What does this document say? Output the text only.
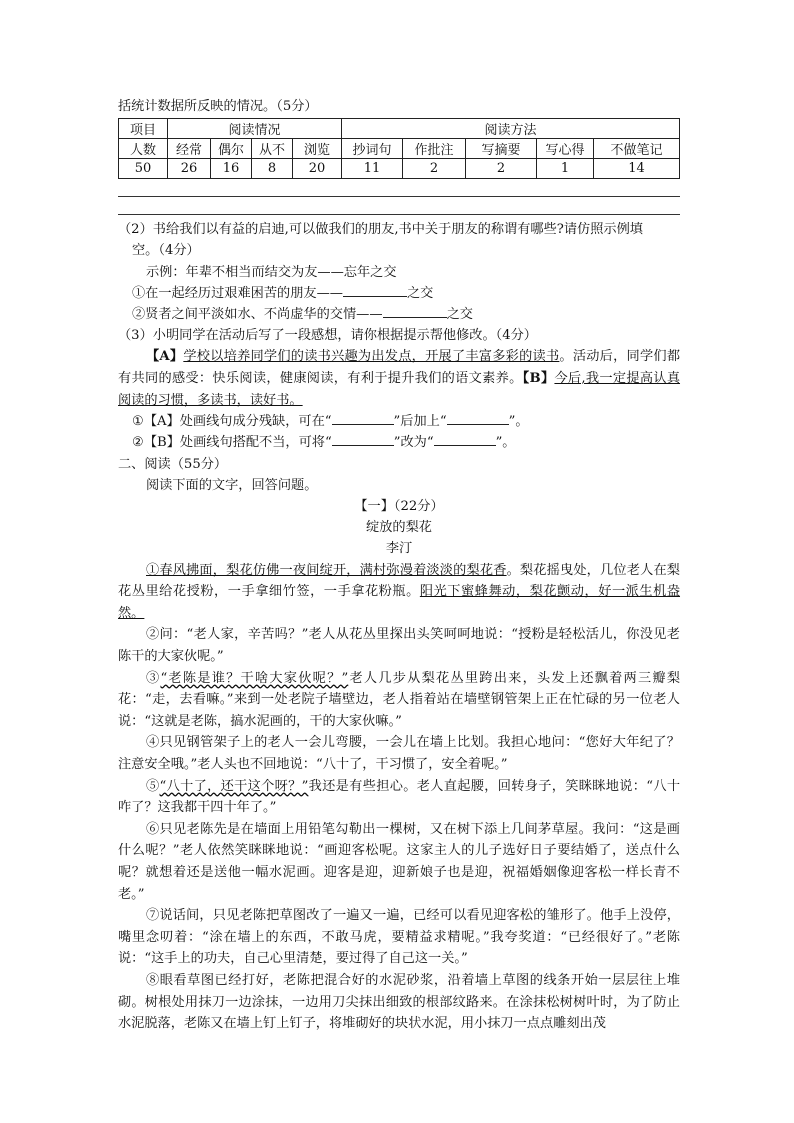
括统计数据所反映的情况。（5分）
项目	阅读情况				阅读方法				
人数	经常	偶尔	从不	浏览	抄词句	作批注	写摘要	写心得	不做笔记
50	26	16	8	20	11	2	2	1	14
（2）书给我们以有益的启迪,可以做我们的朋友,书中关于朋友的称谓有哪些?请仿照示例填
空。（4分）
示例：年辈不相当而结交为友——忘年之交
①在一起经历过艰难困苦的朋友——	之交
②贤者之间平淡如水、不尚虚华的交情——	之交
（3）小明同学在活动后写了一段感想，请你根据提示帮他修改。（4分）
【A】学校以培养同学们的读书兴趣为出发点，开展了丰富多彩的读书。活动后，同学们都有共同的感受：快乐阅读，健康阅读，有利于提升我们的语文素养。【B】今后,我一定提高认真阅读的习惯，多读书，读好书。
①【A】处画线句成分残缺，可在“	”后加上“	”。
②【B】处画线句搭配不当，可将“	”改为“	”。
二、阅读（55分）
阅读下面的文字，回答问题。
【一】（22分）
绽放的梨花
李汀
①春风拂面，梨花仿佛一夜间绽开，满村弥漫着淡淡的梨花香。梨花摇曳处，几位老人在梨花丛里给花授粉，一手拿细竹签，一手拿花粉瓶。阳光下蜜蜂舞动，梨花颤动，好一派生机盎然。
②问：“老人家，辛苦吗？”老人从花丛里探出头笑呵呵地说：“授粉是轻松活儿，你没见老陈干的大家伙呢。”
③“老陈是谁？干啥大家伙呢？”老人几步从梨花丛里跨出来，头发上还飘着两三瓣梨花：“走，去看嘛。”来到一处老院子墙壁边，老人指着站在墙壁钢管架上正在忙碌的另一位老人说：“这就是老陈，搞水泥画的，干的大家伙嘛。”
④只见钢管架子上的老人一会儿弯腰，一会儿在墙上比划。我担心地问：“您好大年纪了？注意安全哦。”老人头也不回地说：“八十了，干习惯了，安全着呢。”
⑤“八十了，还干这个呀？”我还是有些担心。老人直起腰，回转身子，笑眯眯地说：“八十咋了？这我都干四十年了。”
⑥只见老陈先是在墙面上用铅笔勾勒出一棵树，又在树下添上几间茅草屋。我问：“这是画什么呢？”老人依然笑眯眯地说：“画迎客松呢。这家主人的儿子选好日子要结婚了，送点什么呢？就想着还是送他一幅水泥画。迎客是迎，迎新娘子也是迎，祝福婚姻像迎客松一样长青不老。”
⑦说话间，只见老陈把草图改了一遍又一遍，已经可以看见迎客松的雏形了。他手上没停，嘴里念叨着：“涂在墙上的东西，不敢马虎，要精益求精呢。”我夸奖道：“已经很好了。”老陈说：“这手上的功夫，自己心里清楚，要过得了自己这一关。”
⑧眼看草图已经打好，老陈把混合好的水泥砂浆，沿着墙上草图的线条开始一层层往上堆砌。树根处用抹刀一边涂抹，一边用刀尖抹出细致的根部纹路来。在涂抹松树树叶时，为了防止水泥脱落，老陈又在墙上钉上钉子，将堆砌好的块状水泥，用小抹刀一点点雕刻出茂
